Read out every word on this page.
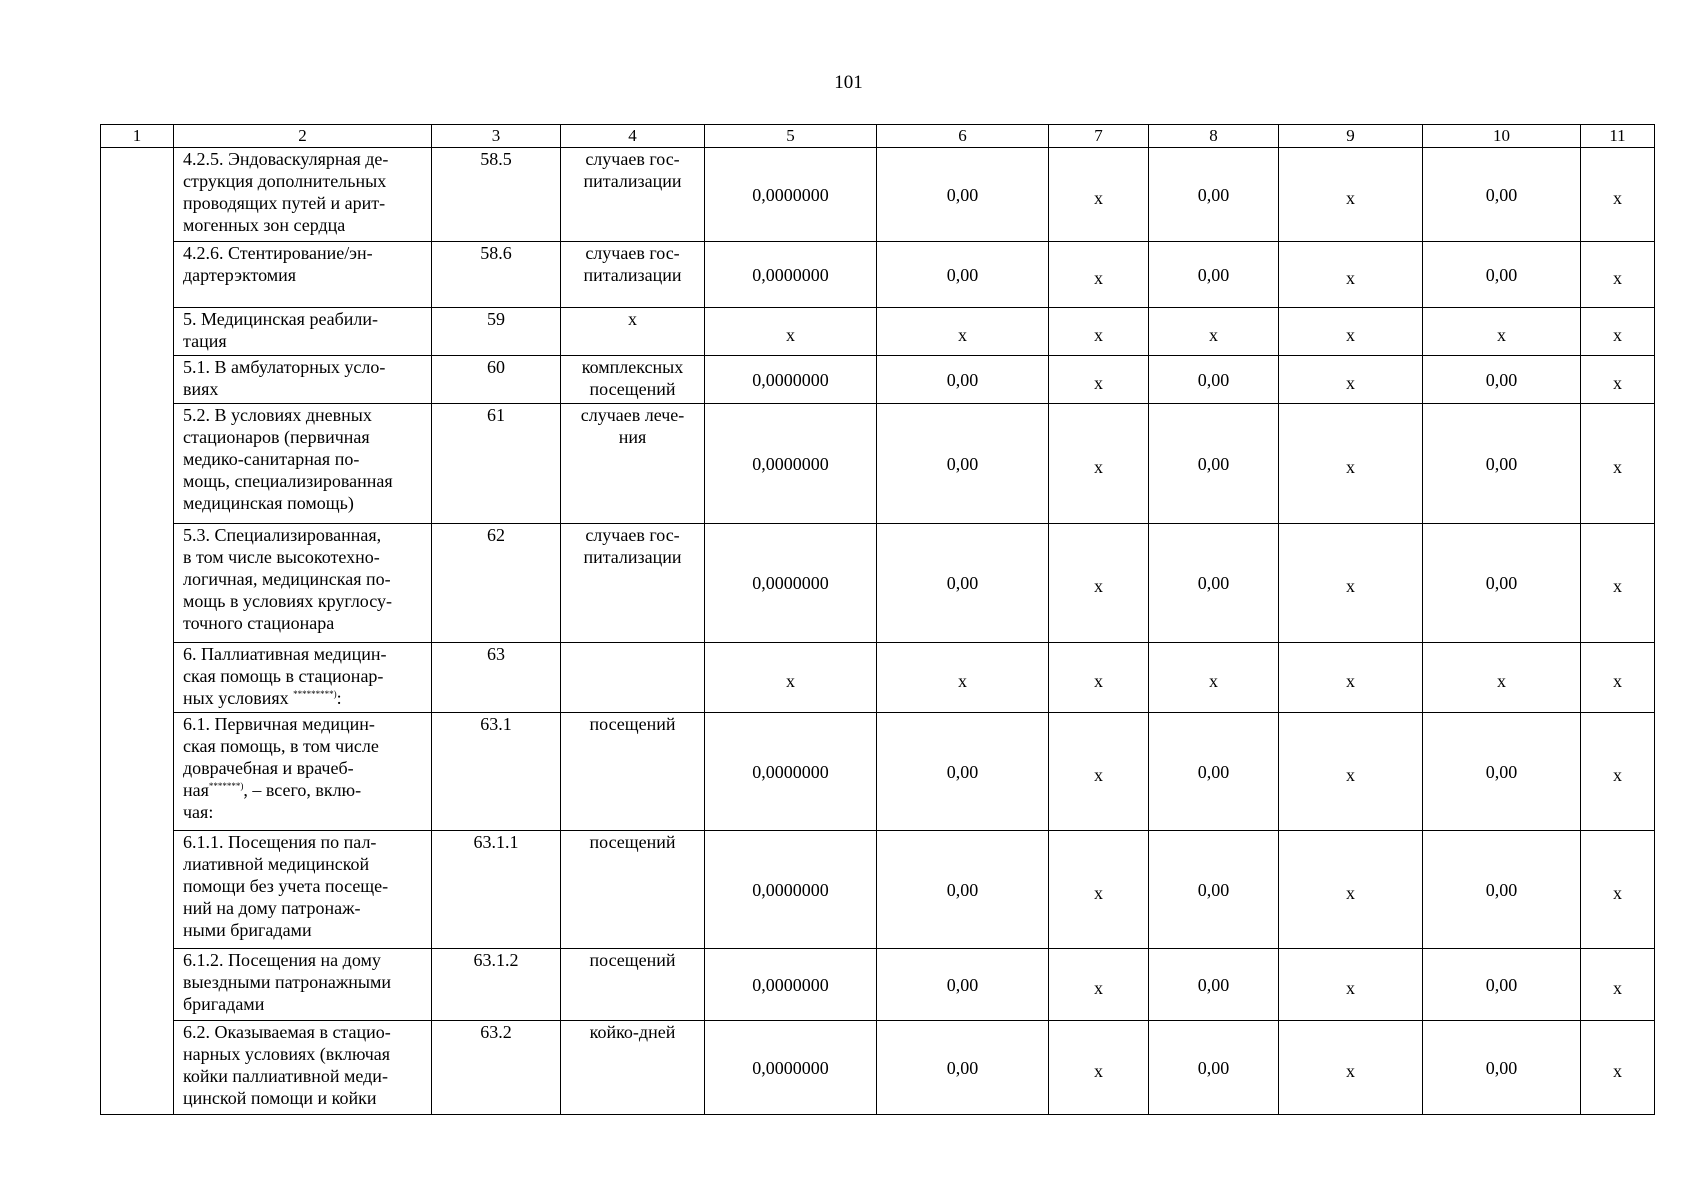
101
1	2	3	4	5	6	7	8	9	10	11
	4.2.5. Эндоваскулярная де-
струкция дополнительных
проводящих путей и арит-
могенных зон сердца	58.5	случаев гос-
питализации	0,0000000	0,00	х	0,00	х	0,00	х
	4.2.6. Стентирование/эн-
дартерэктомия	58.6	случаев гос-
питализации	0,0000000	0,00	х	0,00	х	0,00	х
	5. Медицинская реабили-
тация	59	х	х	х	х	х	х	х	х
	5.1. В амбулаторных усло-
виях	60	комплексных
посещений	0,0000000	0,00	х	0,00	х	0,00	х
	5.2. В условиях дневных
стационаров (первичная
медико-санитарная по-
мощь, специализированная
медицинская помощь)	61	случаев лече-
ния	0,0000000	0,00	х	0,00	х	0,00	х
	5.3. Специализированная,
в том числе высокотехно-
логичная, медицинская по-
мощь в условиях круглосу-
точного стационара	62	случаев гос-
питализации	0,0000000	0,00	х	0,00	х	0,00	х
	6. Паллиативная медицин-
ская помощь в стационар-
ных условиях *********):	63		х	х	х	х	х	х	х
	6.1. Первичная медицин-
ская помощь, в том числе
доврачебная и врачеб-
ная*******), – всего, вклю-
чая:	63.1	посещений	0,0000000	0,00	х	0,00	х	0,00	х
	6.1.1. Посещения по пал-
лиативной медицинской
помощи без учета посеще-
ний на дому патронаж-
ными бригадами	63.1.1	посещений	0,0000000	0,00	х	0,00	х	0,00	х
	6.1.2. Посещения на дому
выездными патронажными
бригадами	63.1.2	посещений	0,0000000	0,00	х	0,00	х	0,00	х
	6.2. Оказываемая в стацио-
нарных условиях (включая
койки паллиативной меди-
цинской помощи и койки	63.2	койко-дней	0,0000000	0,00	х	0,00	х	0,00	х
